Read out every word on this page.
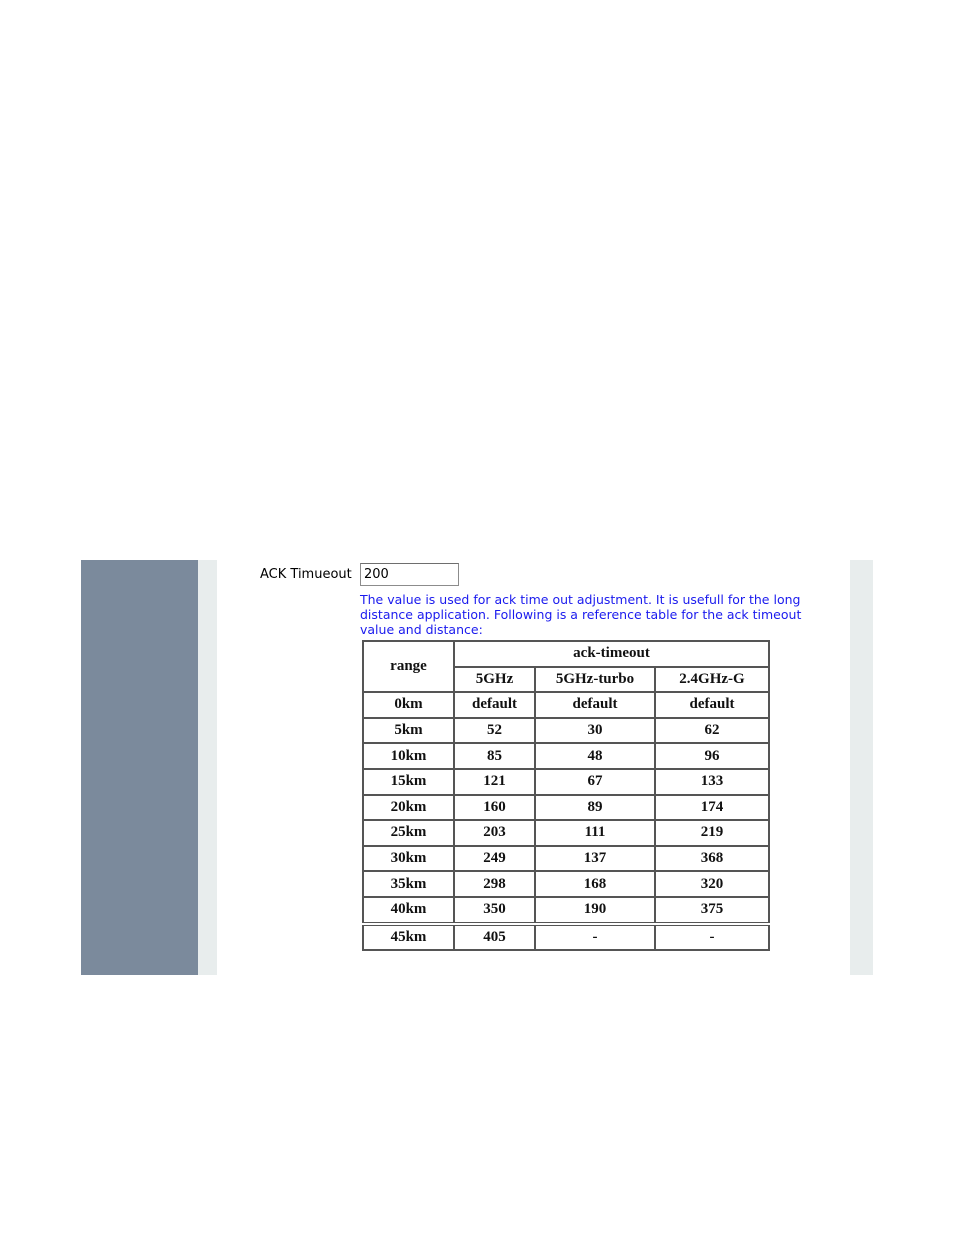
ACK Timueout
200
The value is used for ack time out adjustment. It is usefull for the long distance application. Following is a reference table for the ack timeout value and distance:
range	ack-timeout		
	5GHz	5GHz-turbo	2.4GHz-G
0km	default	default	default
5km	52	30	62
10km	85	48	96
15km	121	67	133
20km	160	89	174
25km	203	111	219
30km	249	137	368
35km	298	168	320
40km	350	190	375
45km	405	-	-
